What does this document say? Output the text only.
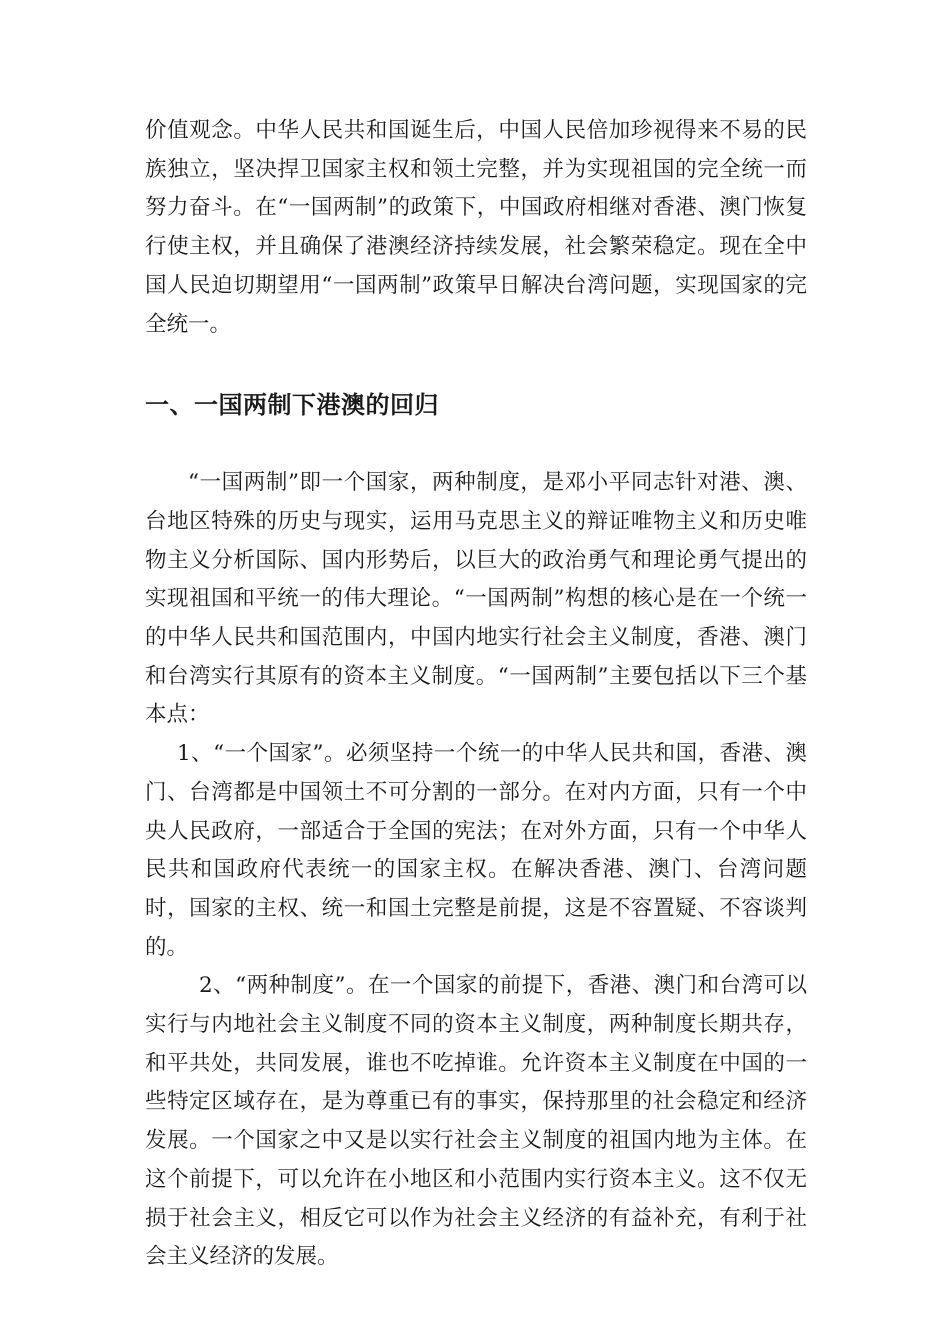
价值观念。中华人民共和国诞生后，中国人民倍加珍视得来不易的民族独立，坚决捍卫国家主权和领土完整，并为实现祖国的完全统一而努力奋斗。在“一国两制”的政策下，中国政府相继对香港、澳门恢复行使主权，并且确保了港澳经济持续发展，社会繁荣稳定。现在全中国人民迫切期望用“一国两制”政策早日解决台湾问题，实现国家的完全统一。

一、一国两制下港澳的回归

“一国两制”即一个国家，两种制度，是邓小平同志针对港、澳、台地区特殊的历史与现实，运用马克思主义的辩证唯物主义和历史唯物主义分析国际、国内形势后，以巨大的政治勇气和理论勇气提出的实现祖国和平统一的伟大理论。“一国两制”构想的核心是在一个统一的中华人民共和国范围内，中国内地实行社会主义制度，香港、澳门和台湾实行其原有的资本主义制度。“一国两制”主要包括以下三个基本点：

1、“一个国家”。必须坚持一个统一的中华人民共和国，香港、澳门、台湾都是中国领土不可分割的一部分。在对内方面，只有一个中央人民政府，一部适合于全国的宪法；在对外方面，只有一个中华人民共和国政府代表统一的国家主权。在解决香港、澳门、台湾问题时，国家的主权、统一和国土完整是前提，这是不容置疑、不容谈判的。

2、“两种制度”。在一个国家的前提下，香港、澳门和台湾可以实行与内地社会主义制度不同的资本主义制度，两种制度长期共存，和平共处，共同发展，谁也不吃掉谁。允许资本主义制度在中国的一些特定区域存在，是为尊重已有的事实，保持那里的社会稳定和经济发展。一个国家之中又是以实行社会主义制度的祖国内地为主体。在这个前提下，可以允许在小地区和小范围内实行资本主义。这不仅无损于社会主义，相反它可以作为社会主义经济的有益补充，有利于社会主义经济的发展。
